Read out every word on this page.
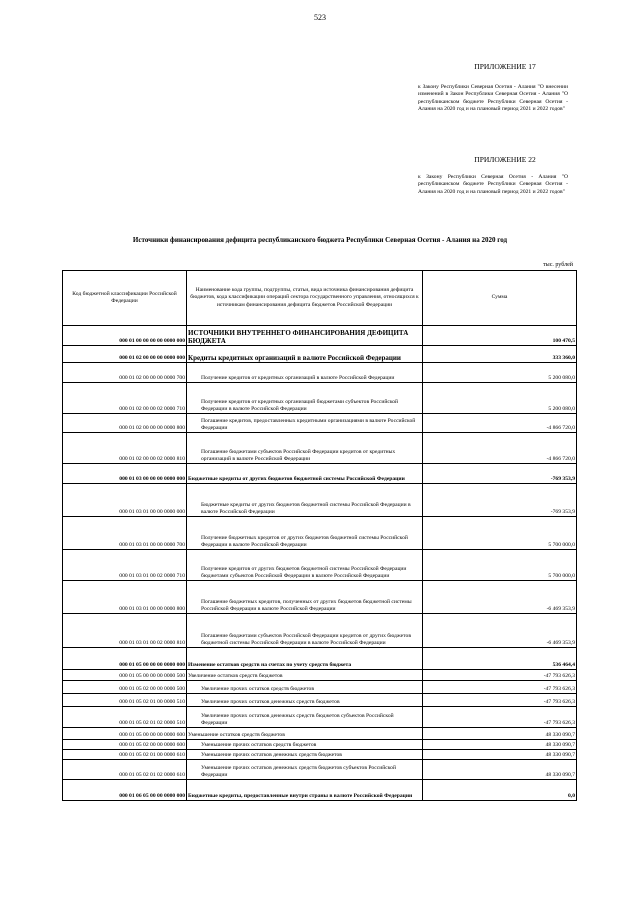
523
ПРИЛОЖЕНИЕ 17
к Закону Республики Северная Осетия - Алания "О внесении изменений в Закон Республики Северная Осетия - Алания "О республиканском бюджете Республики Северная Осетия - Алания на 2020 год и на плановый период 2021 и 2022 годов"
ПРИЛОЖЕНИЕ 22
к Закону Республики Северная Осетия - Алания "О республиканском бюджете Республики Северная Осетия - Алания на 2020 год и на плановый период 2021 и 2022 годов"
Источники финансирования дефицита республиканского бюджета Республики Северная Осетия - Алания на 2020 год
тыс. рублей
Код бюджетной классификации Российской Федерации	Наименование кода группы, подгруппы, статьи, вида источника финансирования дефицита бюджетов, кода классификации операций сектора государственного управления, относящихся к источникам финансирования дефицита бюджетов Российской Федерации	Сумма
000 01 00 00 00 00 0000 000	ИСТОЧНИКИ ВНУТРЕННЕГО ФИНАНСИРОВАНИЯ ДЕФИЦИТА БЮДЖЕТА	100 470,5
000 01 02 00 00 00 0000 000	Кредиты кредитных организаций в валюте Российской Федерации	333 360,0
000 01 02 00 00 00 0000 700	Получение кредитов от кредитных организаций в валюте Российской Федерации	5 200 080,0
000 01 02 00 00 02 0000 710	Получение кредитов от кредитных организаций бюджетами субъектов Российской Федерации в валюте Российской Федерации	5 200 080,0
000 01 02 00 00 00 0000 800	Погашение кредитов, предоставленных кредитными организациями в валюте Российской Федерации	-4 866 720,0
000 01 02 00 00 02 0000 810	Погашение бюджетами субъектов Российской Федерации кредитов от кредитных организаций в валюте Российской Федерации	-4 866 720,0
000 01 03 00 00 00 0000 000	Бюджетные кредиты от других бюджетов бюджетной системы Российской Федерации	-769 353,9
000 01 03 01 00 00 0000 000	Бюджетные кредиты от других бюджетов бюджетной системы Российской Федерации в валюте Российской Федерации	-769 353,9
000 01 03 01 00 00 0000 700	Получение бюджетных кредитов от других бюджетов бюджетной системы Российской Федерации в валюте Российской Федерации	5 700 000,0
000 01 03 01 00 02 0000 710	Получение кредитов от других бюджетов бюджетной системы Российской Федерации бюджетами субъектов Российской Федерации в валюте Российской Федерации	5 700 000,0
000 01 03 01 00 00 0000 800	Погашение бюджетных кредитов, полученных от других бюджетов бюджетной системы Российской Федерации в валюте Российской Федерации	-6 469 353,9
000 01 03 01 00 02 0000 810	Погашение бюджетами субъектов Российской Федерации кредитов от других бюджетов бюджетной системы Российской Федерации в валюте Российской Федерации	-6 469 353,9
000 01 05 00 00 00 0000 000	Изменение остатков средств на счетах по учету средств бюджета	536 464,4
000 01 05 00 00 00 0000 500	Увеличение остатков средств бюджетов	-47 793 626,3
000 01 05 02 00 00 0000 500	Увеличение прочих остатков средств бюджетов	-47 793 626,3
000 01 05 02 01 00 0000 510	Увеличение прочих остатков денежных средств бюджетов	-47 793 626,3
000 01 05 02 01 02 0000 510	Увеличение прочих остатков денежных средств бюджетов субъектов Российской Федерации	-47 793 626,3
000 01 05 00 00 00 0000 600	Уменьшение остатков средств бюджетов	48 330 090,7
000 01 05 02 00 00 0000 600	Уменьшение прочих остатков средств бюджетов	48 330 090,7
000 01 05 02 01 00 0000 610	Уменьшение прочих остатков денежных средств бюджетов	48 330 090,7
000 01 05 02 01 02 0000 610	Уменьшение прочих остатков денежных средств бюджетов субъектов Российской Федерации	48 330 090,7
000 01 06 05 00 00 0000 000	Бюджетные кредиты, предоставленные внутри страны в валюте Российской Федерации	0,0
